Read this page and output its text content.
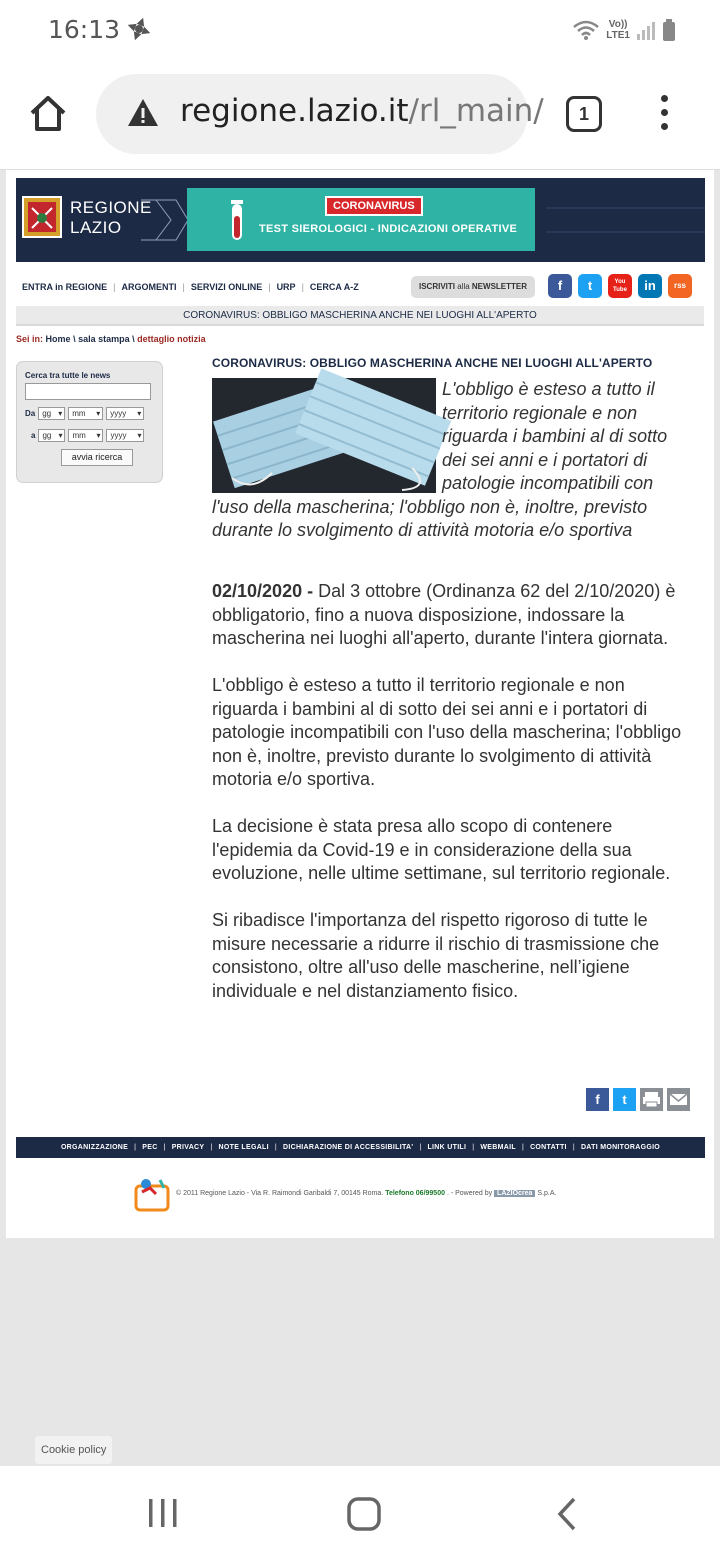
16:13	Vo))
LTE1
regione.lazio.it/rl_main/	1
REGIONE
LAZIO
CORONAVIRUS
TEST SIEROLOGICI - INDICAZIONI OPERATIVE
ENTRA in REGIONE | ARGOMENTI | SERVIZI ONLINE | URP | CERCA A-Z	ISCRIVITI alla NEWSLETTER	f	t	You Tube	in	rss
CORONAVIRUS: OBBLIGO MASCHERINA ANCHE NEI LUOGHI ALL'APERTO
Sei in: Home \ sala stampa \ dettaglio notizia
Cerca tra tutte le news
Da gg ▾	mm ▾	yyyy ▾
a gg ▾	mm ▾	yyyy ▾
avvia ricerca
CORONAVIRUS: OBBLIGO MASCHERINA ANCHE NEI LUOGHI ALL'APERTO
L'obbligo è esteso a tutto il territorio regionale e non riguarda i bambini al di sotto dei sei anni e i portatori di patologie incompatibili con l'uso della mascherina; l'obbligo non è, inoltre, previsto durante lo svolgimento di attività motoria e/o sportiva

02/10/2020 - Dal 3 ottobre (Ordinanza 62 del 2/10/2020) è obbligatorio, fino a nuova disposizione, indossare la mascherina nei luoghi all'aperto, durante l'intera giornata.

L'obbligo è esteso a tutto il territorio regionale e non riguarda i bambini al di sotto dei sei anni e i portatori di patologie incompatibili con l'uso della mascherina; l'obbligo non è, inoltre, previsto durante lo svolgimento di attività motoria e/o sportiva.

La decisione è stata presa allo scopo di contenere l'epidemia da Covid-19 e in considerazione della sua evoluzione, nelle ultime settimane, sul territorio regionale.

Si ribadisce l'importanza del rispetto rigoroso di tutte le misure necessarie a ridurre il rischio di trasmissione che consistono, oltre all'uso delle mascherine, nell’igiene individuale e nel distanziamento fisico.

f	t
ORGANIZZAZIONE | PEC | PRIVACY | NOTE LEGALI | DICHIARAZIONE DI ACCESSIBILITA' | LINK UTILI | WEBMAIL | CONTATTI | DATI MONITORAGGIO
© 2011 Regione Lazio - Via R. Raimondi Garibaldi 7, 00145 Roma. Telefono 06/99500 . - Powered by LAZIOcrea S.p.A.
Cookie policy
